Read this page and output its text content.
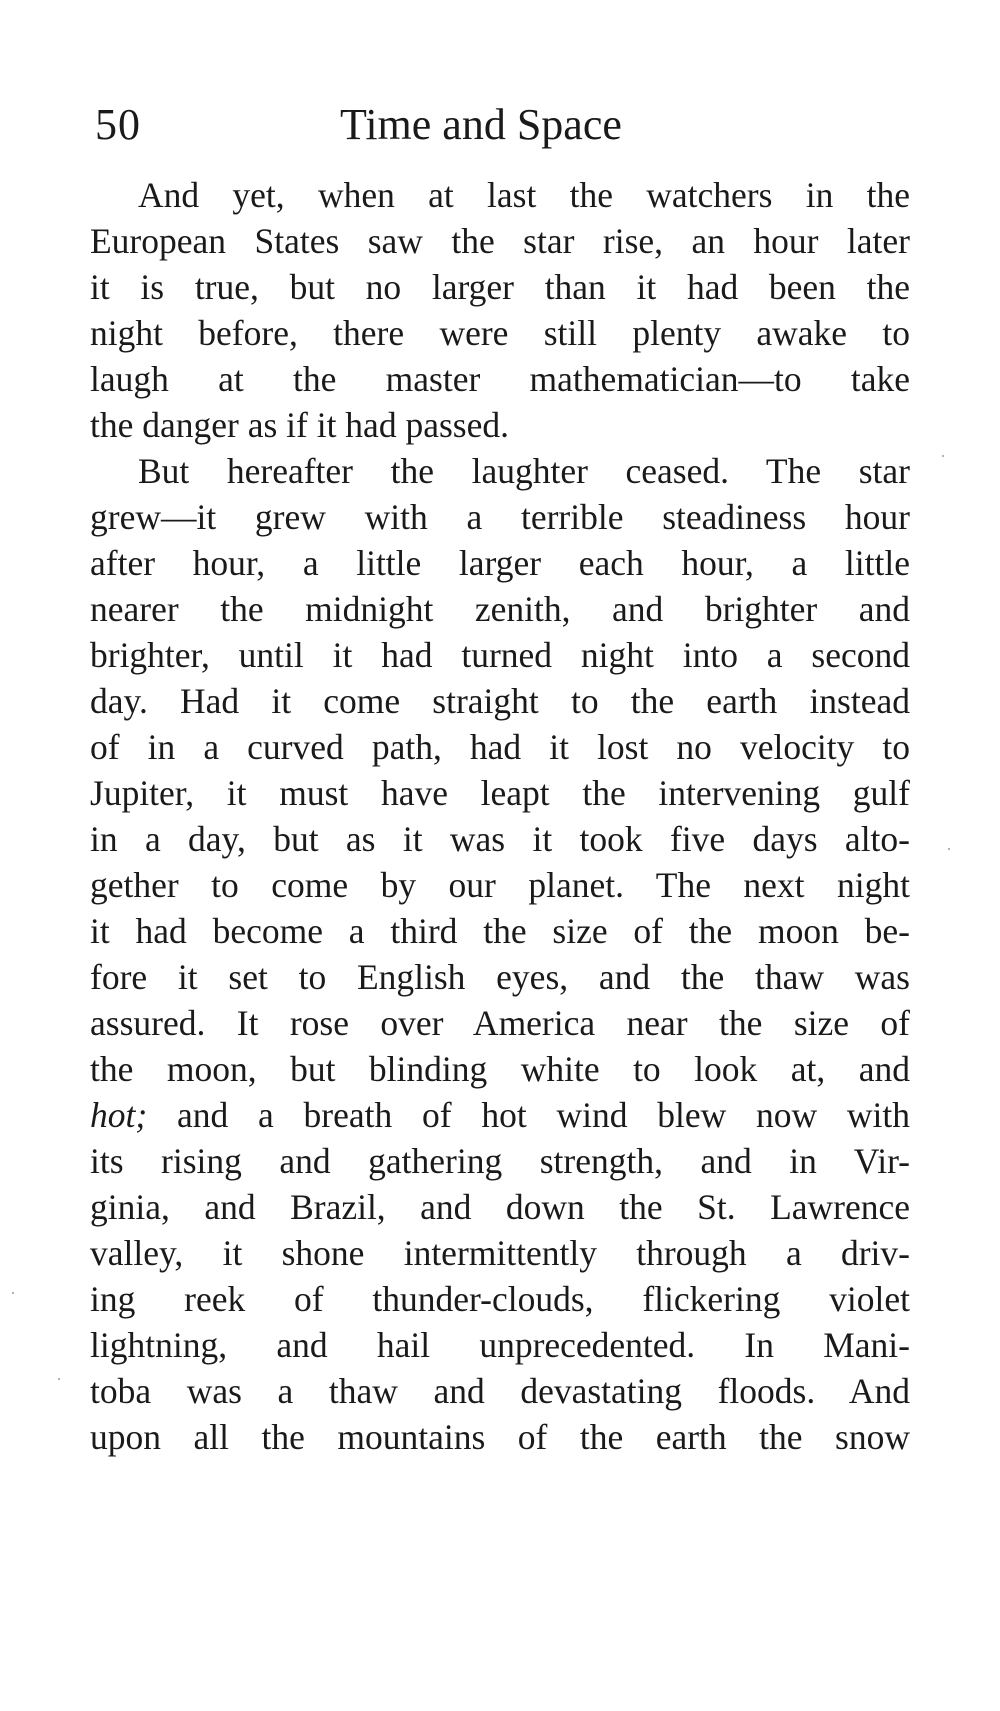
50	Time and Space
And yet, when at last the watchers in the
European States saw the star rise, an hour later
it is true, but no larger than it had been the
night before, there were still plenty awake to
laugh at the master mathematician—to take
the danger as if it had passed.
But hereafter the laughter ceased. The star
grew—it grew with a terrible steadiness hour
after hour, a little larger each hour, a little
nearer the midnight zenith, and brighter and
brighter, until it had turned night into a second
day. Had it come straight to the earth instead
of in a curved path, had it lost no velocity to
Jupiter, it must have leapt the intervening gulf
in a day, but as it was it took five days alto-
gether to come by our planet. The next night
it had become a third the size of the moon be-
fore it set to English eyes, and the thaw was
assured. It rose over America near the size of
the moon, but blinding white to look at, and
hot; and a breath of hot wind blew now with
its rising and gathering strength, and in Vir-
ginia, and Brazil, and down the St. Lawrence
valley, it shone intermittently through a driv-
ing reek of thunder-clouds, flickering violet
lightning, and hail unprecedented. In Mani-
toba was a thaw and devastating floods. And
upon all the mountains of the earth the snow
